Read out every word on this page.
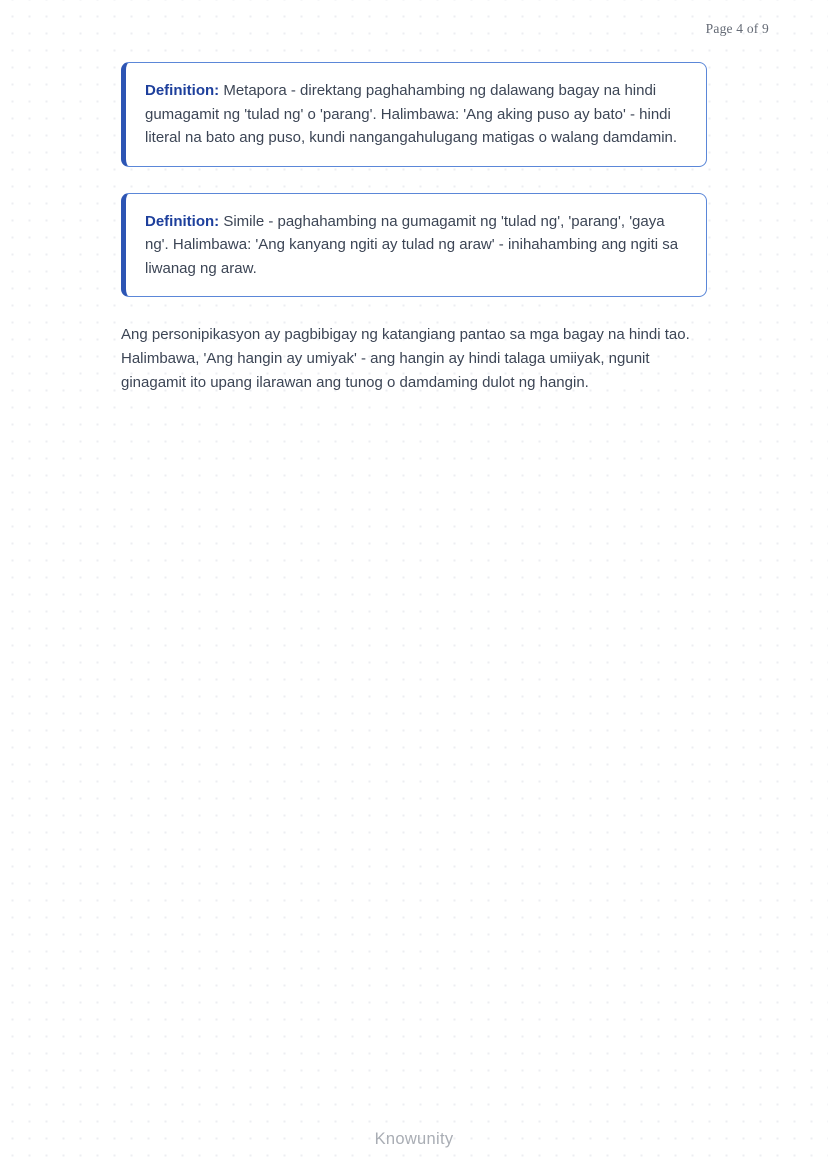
Page 4 of 9

Definition: Metapora - direktang paghahambing ng dalawang bagay na hindi gumagamit ng 'tulad ng' o 'parang'. Halimbawa: 'Ang aking puso ay bato' - hindi literal na bato ang puso, kundi nangangahulugang matigas o walang damdamin.

Definition: Simile - paghahambing na gumagamit ng 'tulad ng', 'parang', 'gaya ng'. Halimbawa: 'Ang kanyang ngiti ay tulad ng araw' - inihahambing ang ngiti sa liwanag ng araw.

Ang personipikasyon ay pagbibigay ng katangiang pantao sa mga bagay na hindi tao. Halimbawa, 'Ang hangin ay umiyak' - ang hangin ay hindi talaga umiiyak, ngunit ginagamit ito upang ilarawan ang tunog o damdaming dulot ng hangin.

Knowunity
